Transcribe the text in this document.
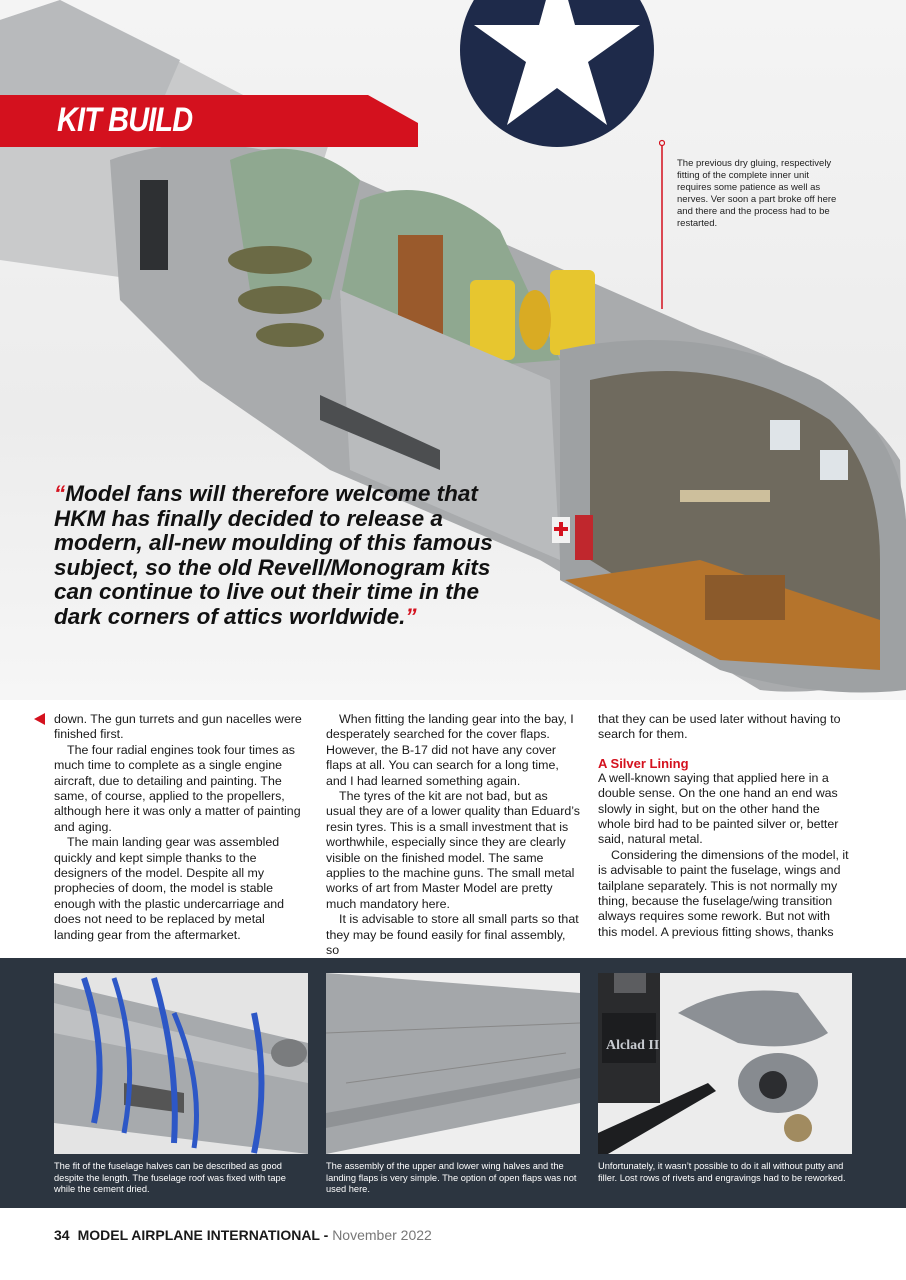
KIT BUILD
The previous dry gluing, respectively fitting of the complete inner unit requires some patience as well as nerves. Ver soon a part broke off here and there and the process had to be restarted.
“Model fans will therefore welcome that HKM has finally decided to release a modern, all-new moulding of this famous subject, so the old Revell/Monogram kits can continue to live out their time in the dark corners of attics worldwide.”

down. The gun turrets and gun nacelles were finished first.

The four radial engines took four times as much time to complete as a single engine aircraft, due to detailing and painting. The same, of course, applied to the propellers, although here it was only a matter of painting and aging.

The main landing gear was assembled quickly and kept simple thanks to the designers of the model. Despite all my prophecies of doom, the model is stable enough with the plastic undercarriage and does not need to be replaced by metal landing gear from the aftermarket.

When fitting the landing gear into the bay, I desperately searched for the cover flaps. However, the B-17 did not have any cover flaps at all. You can search for a long time, and I had learned something again.

The tyres of the kit are not bad, but as usual they are of a lower quality than Eduard’s resin tyres. This is a small investment that is worthwhile, especially since they are clearly visible on the finished model. The same applies to the machine guns. The small metal works of art from Master Model are pretty much mandatory here.

It is advisable to store all small parts so that they may be found easily for final assembly, so

that they can be used later without having to search for them.

A Silver Lining

A well-known saying that applied here in a double sense. On the one hand an end was slowly in sight, but on the other hand the whole bird had to be painted silver or, better said, natural metal.

Considering the dimensions of the model, it is advisable to paint the fuselage, wings and tailplane separately. This is not normally my thing, because the fuselage/wing transition always requires some rework. But not with this model. A previous fitting shows, thanks

Alclad II
The fit of the fuselage halves can be described as good despite the length. The fuselage roof was fixed with tape while the cement dried.
The assembly of the upper and lower wing halves and the landing flaps is very simple. The option of open flaps was not used here.
Unfortunately, it wasn’t possible to do it all without putty and filler. Lost rows of rivets and engravings had to be reworked.
34 MODEL AIRPLANE INTERNATIONAL - November 2022
